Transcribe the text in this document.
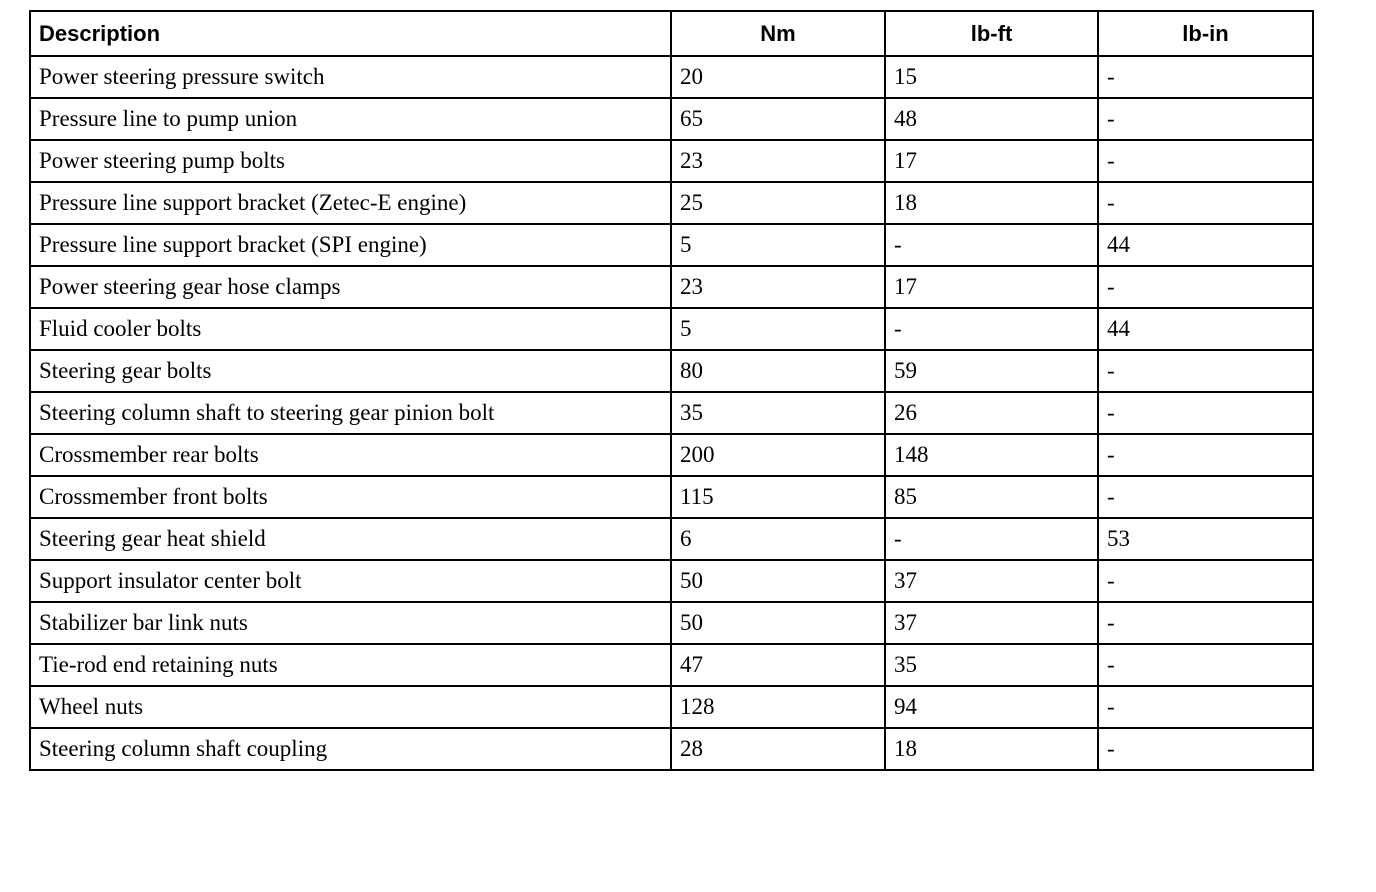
Description	Nm	lb-ft	lb-in
Power steering pressure switch	20	15	-
Pressure line to pump union	65	48	-
Power steering pump bolts	23	17	-
Pressure line support bracket (Zetec-E engine)	25	18	-
Pressure line support bracket (SPI engine)	5	-	44
Power steering gear hose clamps	23	17	-
Fluid cooler bolts	5	-	44
Steering gear bolts	80	59	-
Steering column shaft to steering gear pinion bolt	35	26	-
Crossmember rear bolts	200	148	-
Crossmember front bolts	115	85	-
Steering gear heat shield	6	-	53
Support insulator center bolt	50	37	-
Stabilizer bar link nuts	50	37	-
Tie-rod end retaining nuts	47	35	-
Wheel nuts	128	94	-
Steering column shaft coupling	28	18	-
